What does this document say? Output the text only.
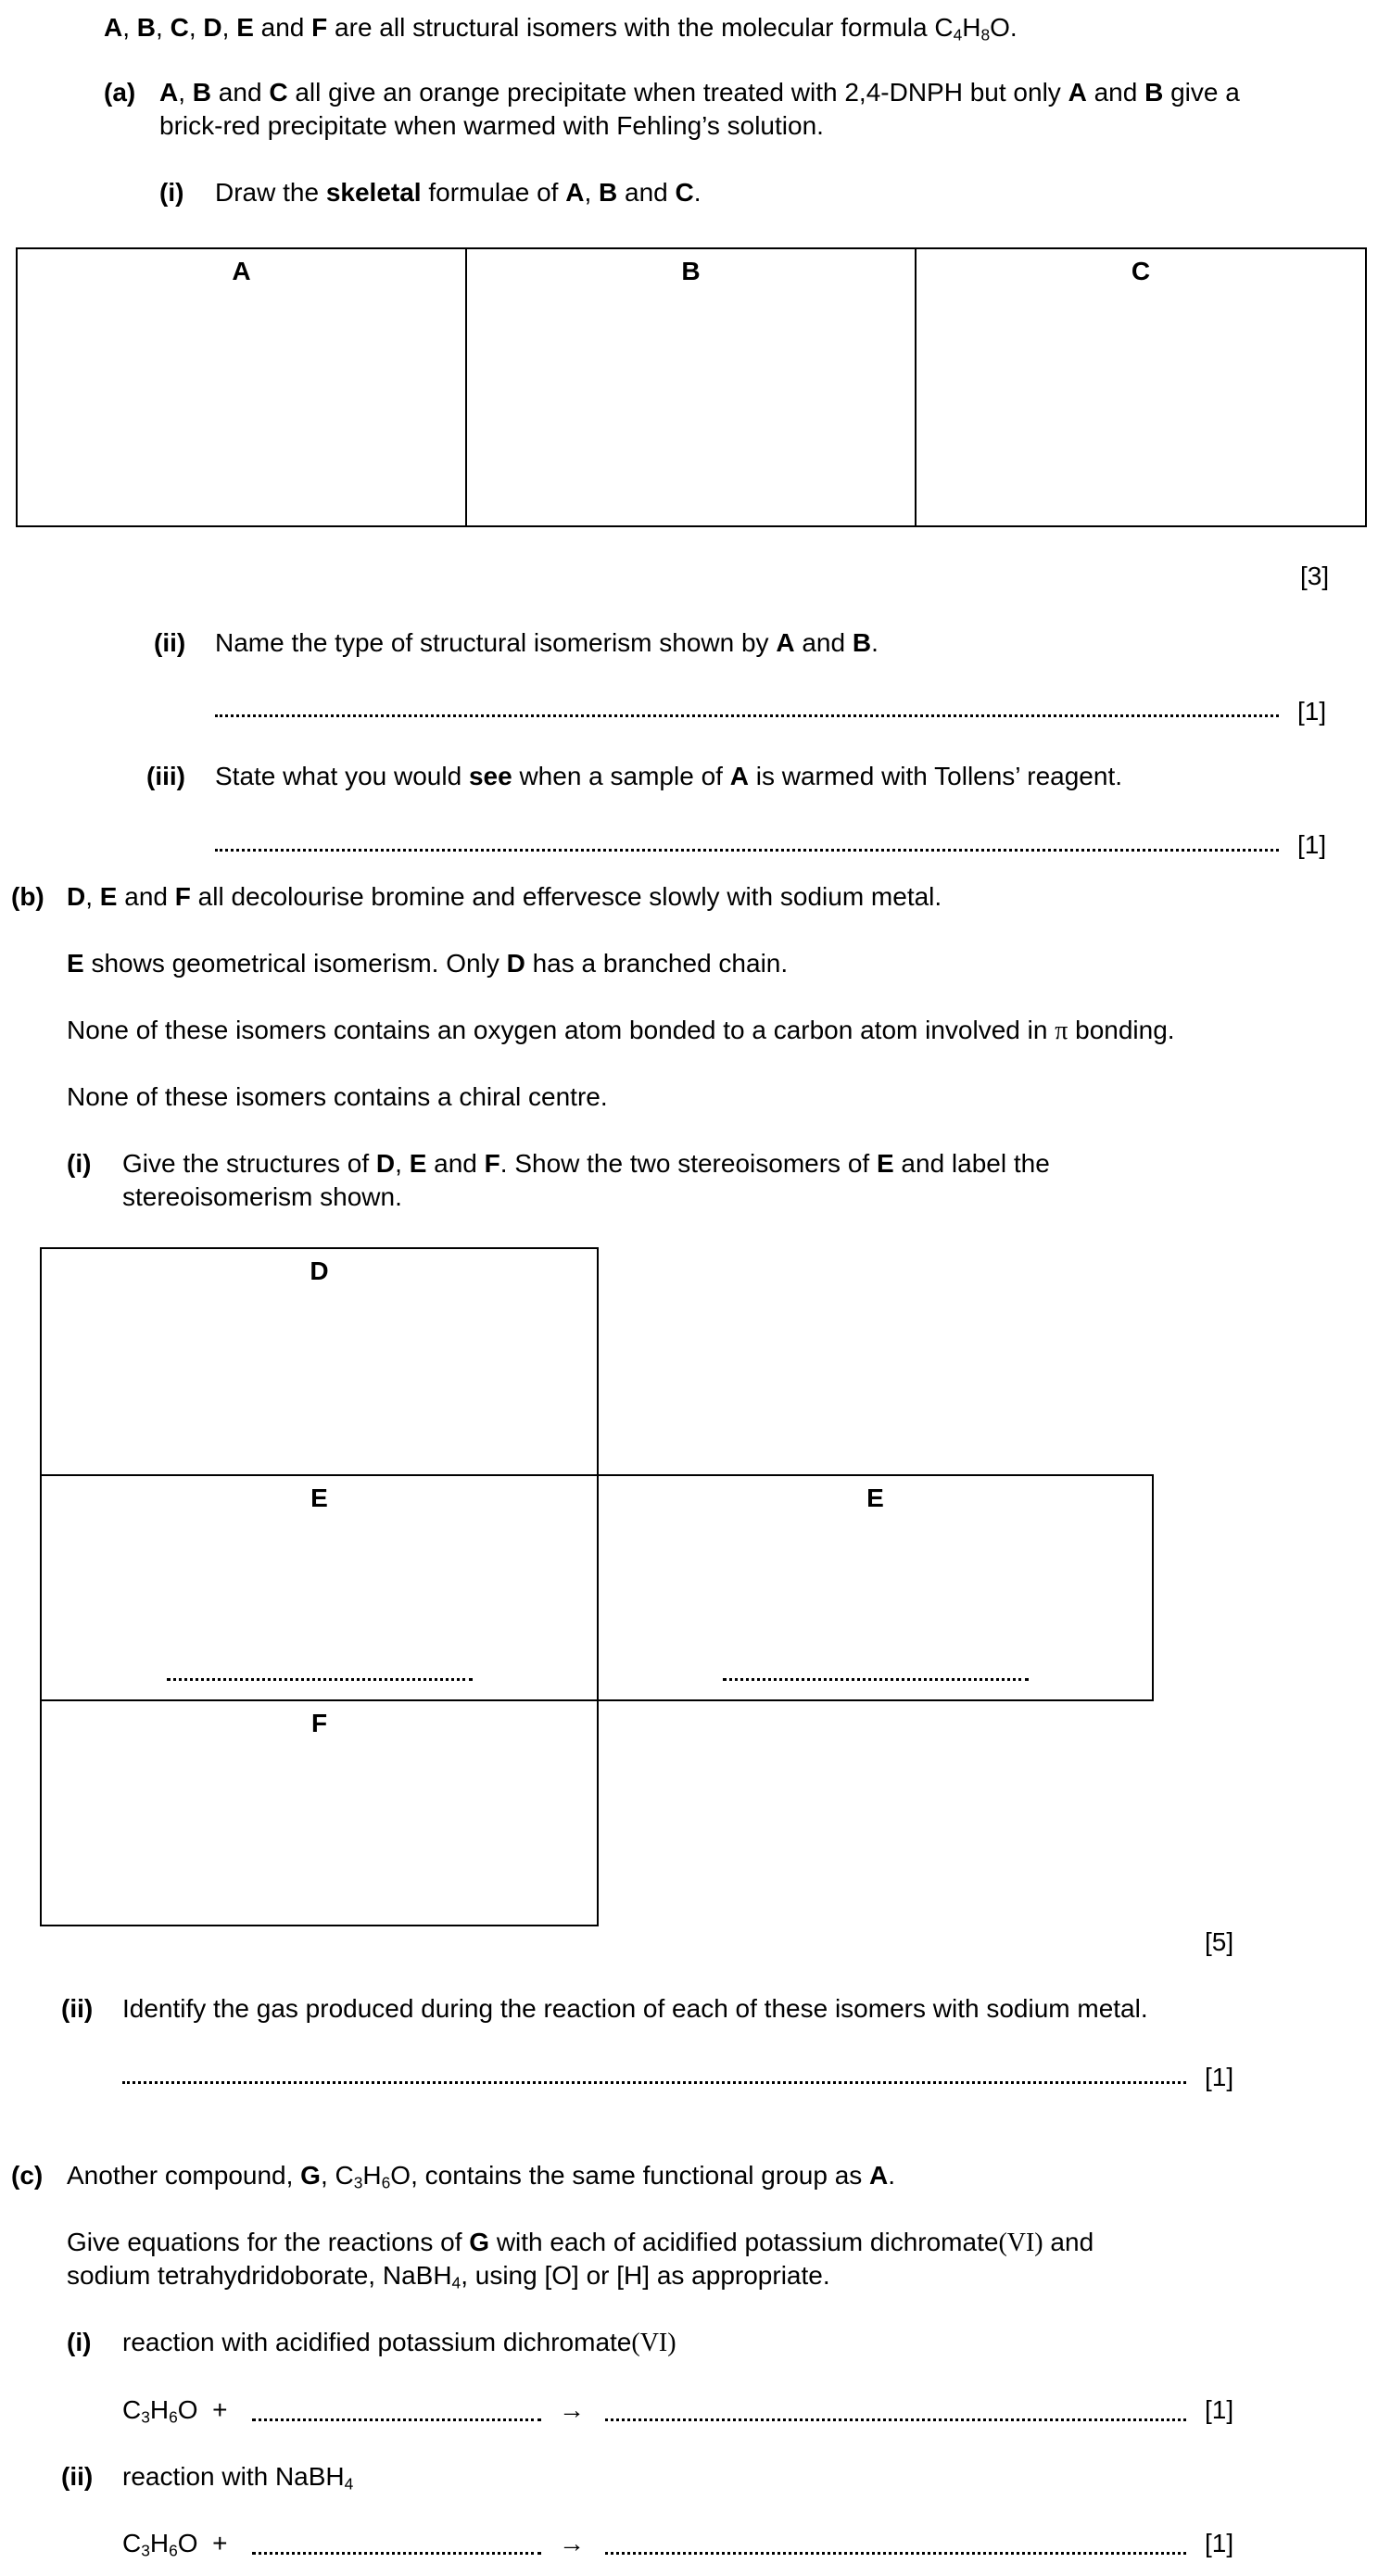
A, B, C, D, E and F are all structural isomers with the molecular formula $C_4H_8O$.
(a) A, B and C all give an orange precipitate when treated with 2,4-DNPH but only A and B give a
brick-red precipitate when warmed with Fehling’s solution.
(i) Draw the skeletal formulae of A, B and C.
A	B	C
[3]
(ii) Name the type of structural isomerism shown by A and B.
[1]
(iii) State what you would see when a sample of A is warmed with Tollens’ reagent.
[1]
(b) D, E and F all decolourise bromine and effervesce slowly with sodium metal.
E shows geometrical isomerism. Only D has a branched chain.
None of these isomers contains an oxygen atom bonded to a carbon atom involved in π bonding.
None of these isomers contains a chiral centre.
(i) Give the structures of D, E and F. Show the two stereoisomers of E and label the
stereoisomerism shown.
D
E	E
F
[5]
(ii) Identify the gas produced during the reaction of each of these isomers with sodium metal.
[1]
(c) Another compound, G, $C_3H_6O$, contains the same functional group as A.
Give equations for the reactions of G with each of acidified potassium dichromate(VI) and
sodium tetrahydridoborate, NaBH$_4$, using [O] or [H] as appropriate.
(i) reaction with acidified potassium dichromate(VI)
$C_3H_6O$ +	→	[1]
(ii) reaction with NaBH$_4$
$C_3H_6O$ +	→	[1]
